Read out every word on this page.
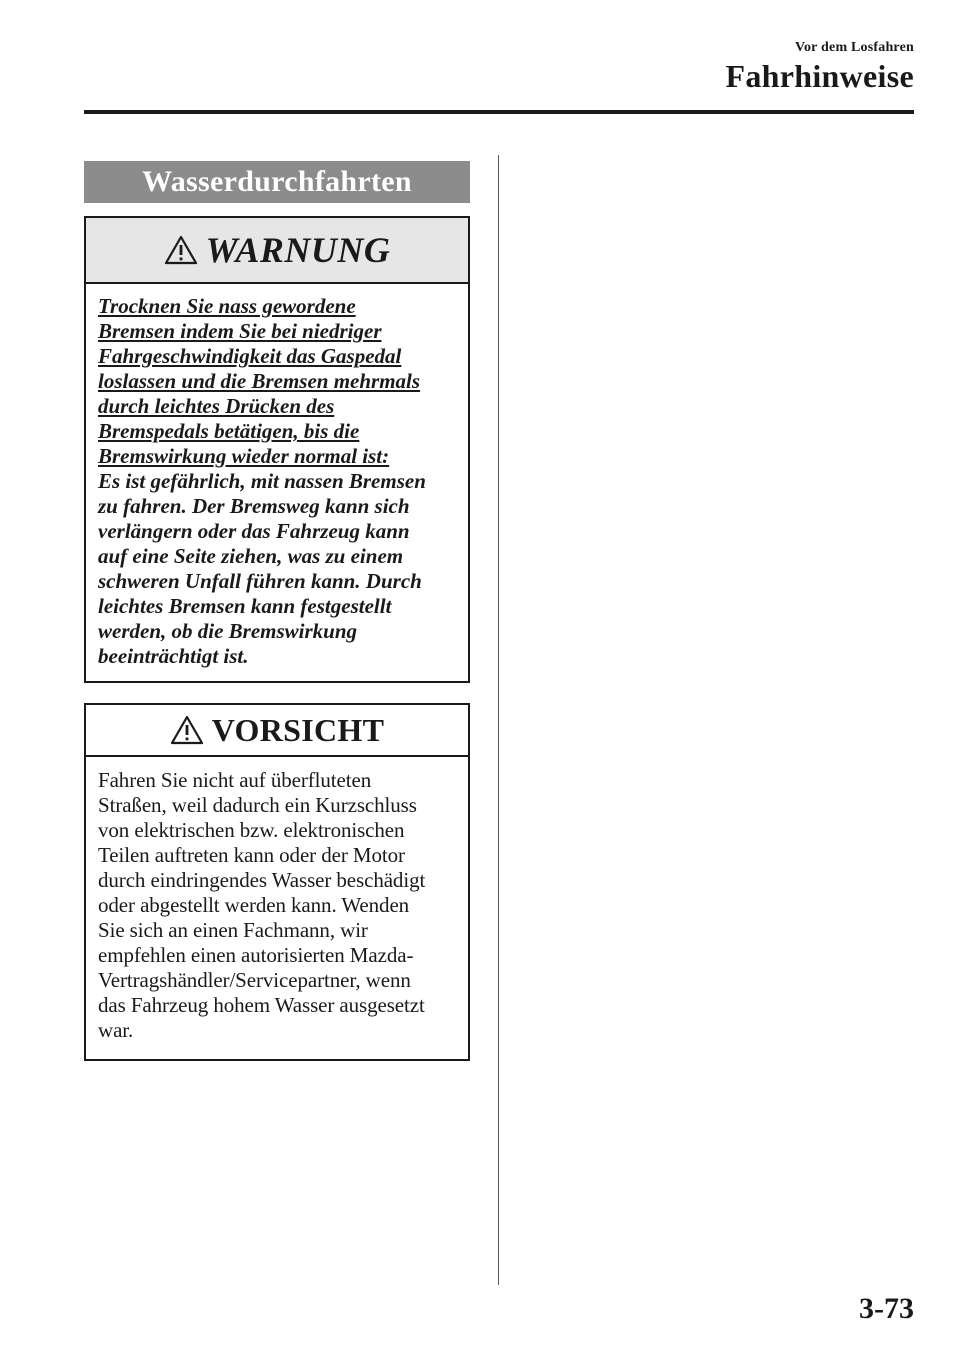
Vor dem Losfahren
Fahrhinweise
Wasserdurchfahrten
WARNUNG
Trocknen Sie nass gewordene
Bremsen indem Sie bei niedriger
Fahrgeschwindigkeit das Gaspedal
loslassen und die Bremsen mehrmals
durch leichtes Drücken des
Bremspedals betätigen, bis die
Bremswirkung wieder normal ist:
Es ist gefährlich, mit nassen Bremsen
zu fahren. Der Bremsweg kann sich
verlängern oder das Fahrzeug kann
auf eine Seite ziehen, was zu einem
schweren Unfall führen kann. Durch
leichtes Bremsen kann festgestellt
werden, ob die Bremswirkung
beeinträchtigt ist.
VORSICHT
Fahren Sie nicht auf überfluteten
Straßen, weil dadurch ein Kurzschluss
von elektrischen bzw. elektronischen
Teilen auftreten kann oder der Motor
durch eindringendes Wasser beschädigt
oder abgestellt werden kann. Wenden
Sie sich an einen Fachmann, wir
empfehlen einen autorisierten Mazda-
Vertragshändler/Servicepartner, wenn
das Fahrzeug hohem Wasser ausgesetzt
war.
3-73
